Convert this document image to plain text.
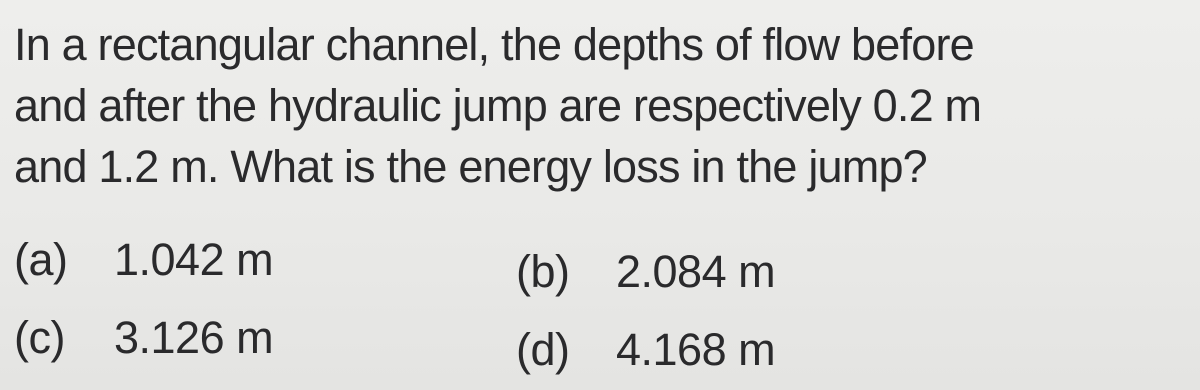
In a rectangular channel, the depths of flow before
and after the hydraulic jump are respectively 0.2 m
and 1.2 m. What is the energy loss in the jump?
(a) 1.042 m	(b) 2.084 m
(c) 3.126 m	(d) 4.168 m
